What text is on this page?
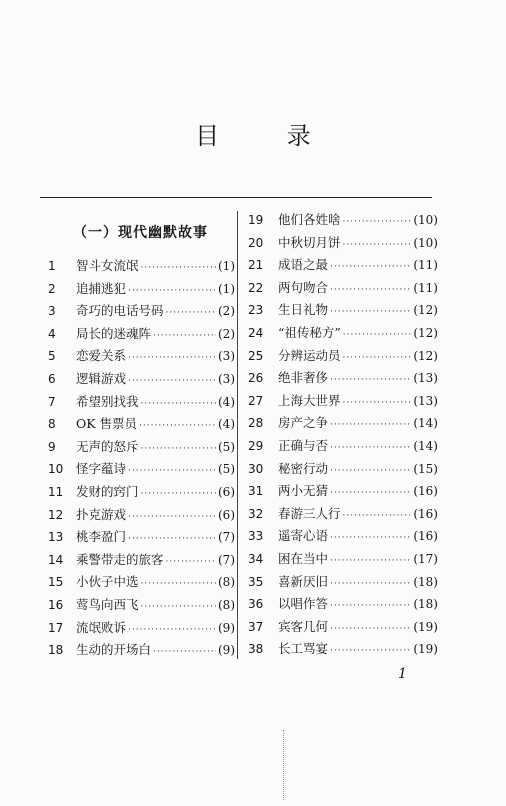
目 录
（一）现代幽默故事
1	智斗女流氓 ·····	(1)
2	追捕逃犯 ·····	(1)
3	奇巧的电话号码 ·····	(2)
4	局长的迷魂阵 ·····	(2)
5	恋爱关系 ·····	(3)
6	逻辑游戏 ·····	(3)
7	希望别找我 ·····	(4)
8	OK 售票员 ·····	(4)
9	无声的怒斥 ·····	(5)
10	怪字蕴诗 ·····	(5)
11	发财的窍门 ·····	(6)
12	扑克游戏 ·····	(6)
13	桃李盈门 ·····	(7)
14	乘警带走的旅客 ·····	(7)
15	小伙子中选 ·····	(8)
16	莺鸟向西飞 ·····	(8)
17	流氓败诉 ·····	(9)
18	生动的开场白 ·····	(9)
19	他们各姓啥 ·····	(10)
20	中秋切月饼 ·····	(10)
21	成语之最 ·····	(11)
22	两句吻合 ·····	(11)
23	生日礼物 ·····	(12)
24	“祖传秘方” ·····	(12)
25	分辨运动员 ·····	(12)
26	绝非奢侈 ·····	(13)
27	上海大世界 ·····	(13)
28	房产之争 ·····	(14)
29	正确与否 ·····	(14)
30	秘密行动 ·····	(15)
31	两小无猜 ·····	(16)
32	春游三人行 ·····	(16)
33	遥寄心语 ·····	(16)
34	困在当中 ·····	(17)
35	喜新厌旧 ·····	(18)
36	以唱作答 ·····	(18)
37	宾客几何 ·····	(19)
38	长工骂宴 ·····	(19)
1
